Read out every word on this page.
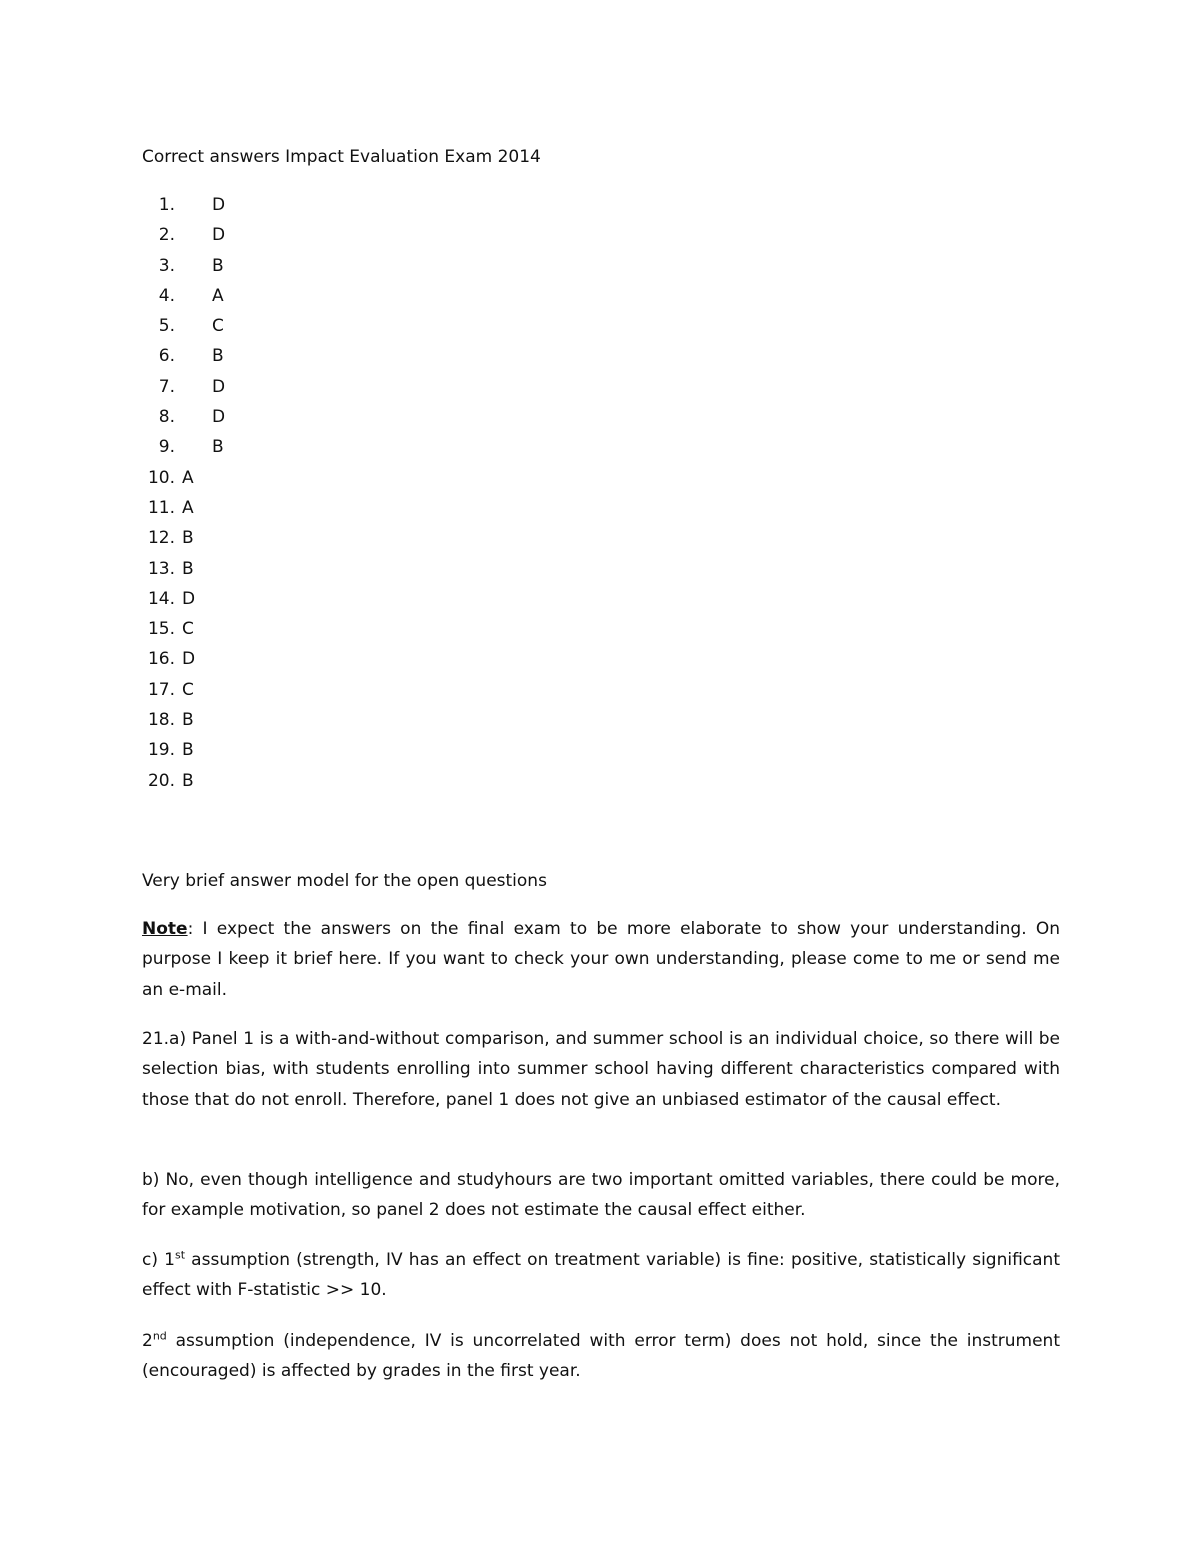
Correct answers Impact Evaluation Exam 2014
1. D
2. D
3. B
4. A
5. C
6. B
7. D
8. D
9. B
10. A
11. A
12. B
13. B
14. D
15. C
16. D
17. C
18. B
19. B
20. B
Very brief answer model for the open questions
Note: I expect the answers on the final exam to be more elaborate to show your understanding. On purpose I keep it brief here. If you want to check your own understanding, please come to me or send me an e-mail.
21.a) Panel 1 is a with-and-without comparison, and summer school is an individual choice, so there will be selection bias, with students enrolling into summer school having different characteristics compared with those that do not enroll. Therefore, panel 1 does not give an unbiased estimator of the causal effect.
b) No, even though intelligence and studyhours are two important omitted variables, there could be more, for example motivation, so panel 2 does not estimate the causal effect either.
c) 1st assumption (strength, IV has an effect on treatment variable) is fine: positive, statistically significant effect with F-statistic >> 10.
2nd assumption (independence, IV is uncorrelated with error term) does not hold, since the instrument (encouraged) is affected by grades in the first year.
